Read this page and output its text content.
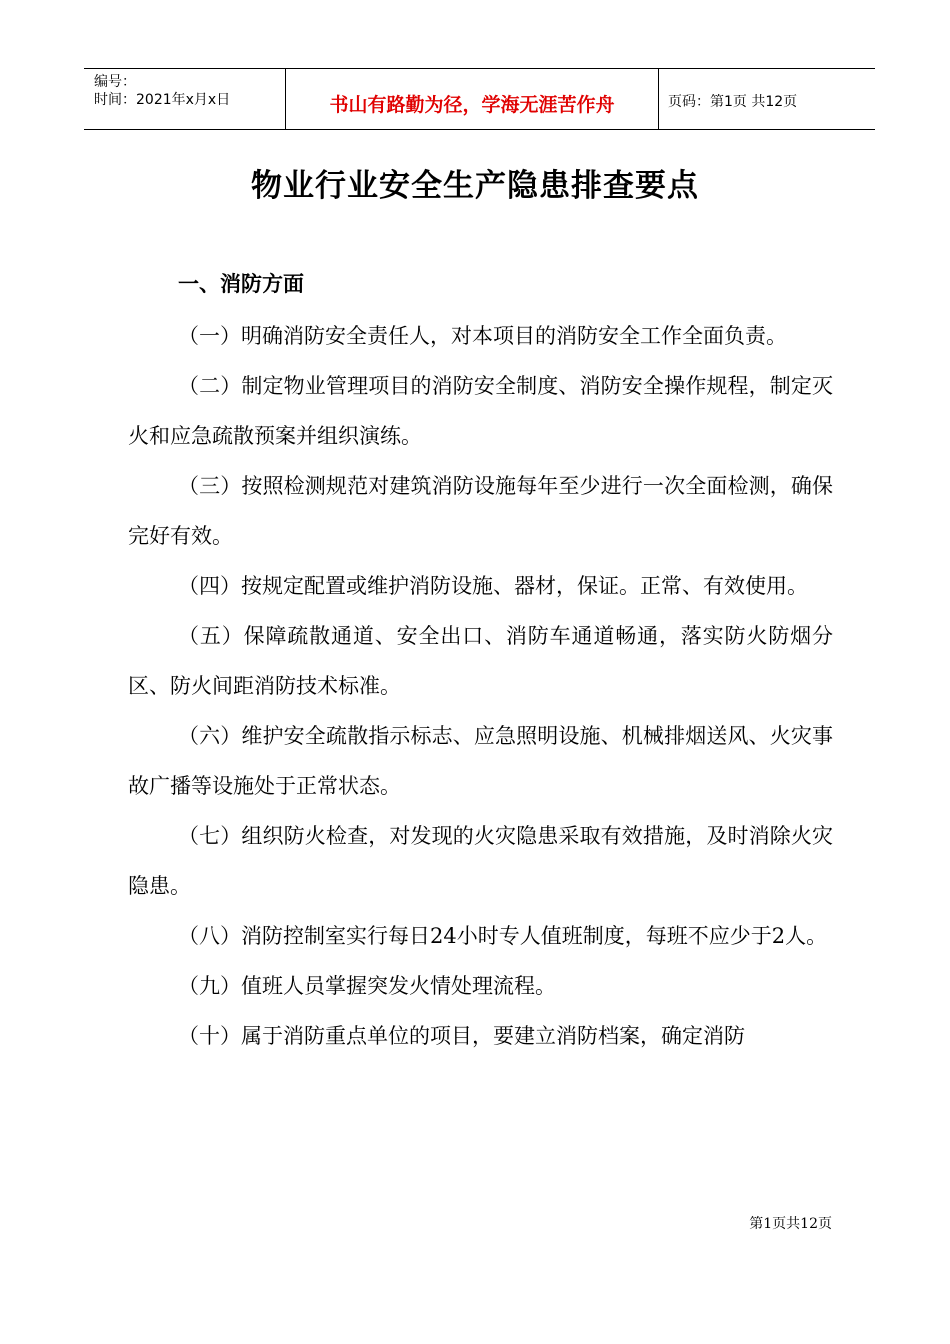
编号：
时间：2021年x月x日	书山有路勤为径，学海无涯苦作舟	页码：第1页 共12页
物业行业安全生产隐患排查要点
一、消防方面

（一）明确消防安全责任人，对本项目的消防安全工作全面负责。

（二）制定物业管理项目的消防安全制度、消防安全操作规程，制定灭火和应急疏散预案并组织演练。

（三）按照检测规范对建筑消防设施每年至少进行一次全面检测，确保完好有效。

（四）按规定配置或维护消防设施、器材，保证。正常、有效使用。

（五）保障疏散通道、安全出口、消防车通道畅通，落实防火防烟分区、防火间距消防技术标准。

（六）维护安全疏散指示标志、应急照明设施、机械排烟送风、火灾事故广播等设施处于正常状态。

（七）组织防火检查，对发现的火灾隐患采取有效措施，及时消除火灾隐患。

（八）消防控制室实行每日24小时专人值班制度，每班不应少于2人。

（九）值班人员掌握突发火情处理流程。

（十）属于消防重点单位的项目，要建立消防档案，确定消防

第1页共12页
